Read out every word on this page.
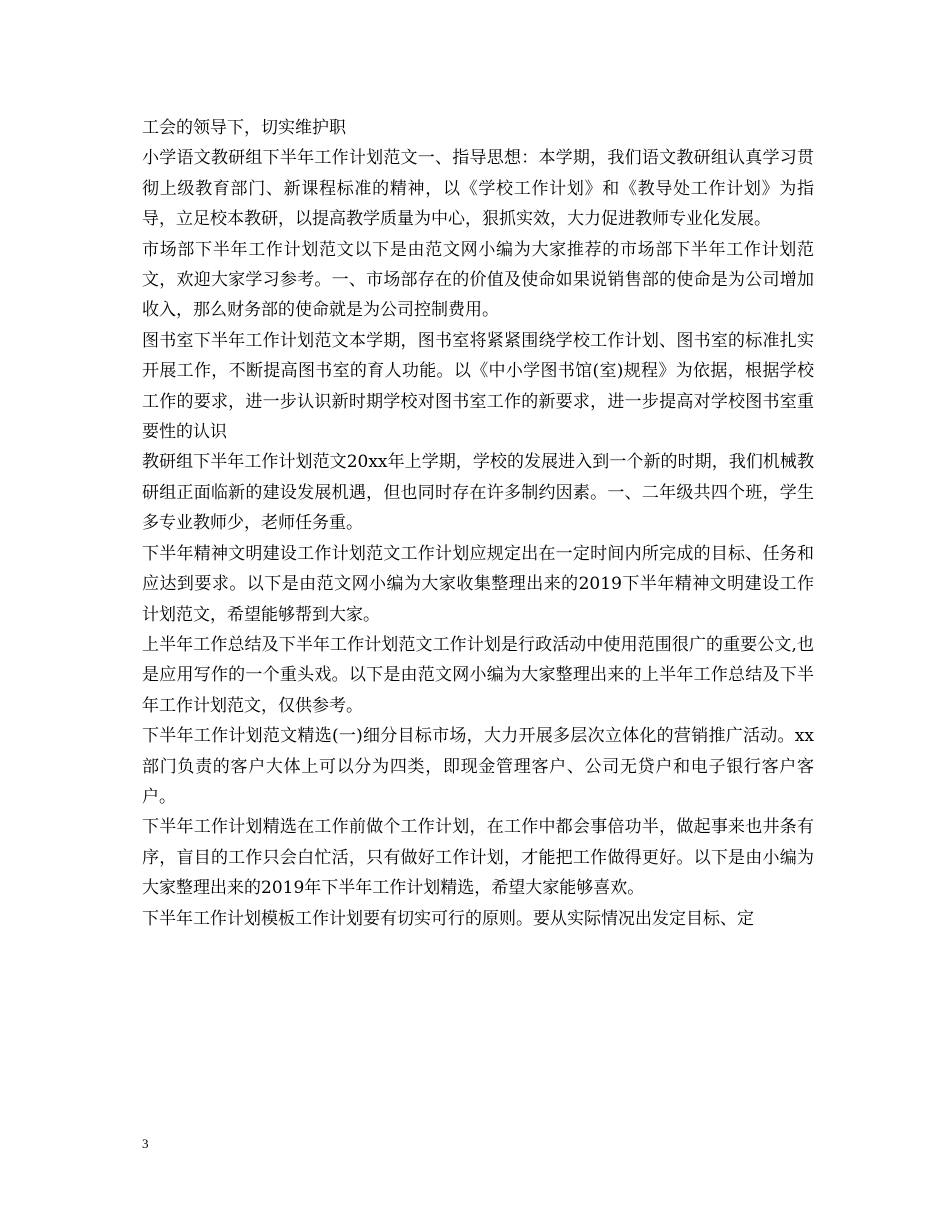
工会的领导下，切实维护职

小学语文教研组下半年工作计划范文一、指导思想：本学期，我们语文教研组认真学习贯彻上级教育部门、新课程标准的精神，以《学校工作计划》和《教导处工作计划》为指导，立足校本教研，以提高教学质量为中心，狠抓实效，大力促进教师专业化发展。

市场部下半年工作计划范文以下是由范文网小编为大家推荐的市场部下半年工作计划范文，欢迎大家学习参考。一、市场部存在的价值及使命如果说销售部的使命是为公司增加收入，那么财务部的使命就是为公司控制费用。

图书室下半年工作计划范文本学期，图书室将紧紧围绕学校工作计划、图书室的标准扎实开展工作，不断提高图书室的育人功能。以《中小学图书馆(室)规程》为依据，根据学校工作的要求，进一步认识新时期学校对图书室工作的新要求，进一步提高对学校图书室重要性的认识

教研组下半年工作计划范文20xx年上学期，学校的发展进入到一个新的时期，我们机械教研组正面临新的建设发展机遇，但也同时存在许多制约因素。一、二年级共四个班，学生多专业教师少，老师任务重。

下半年精神文明建设工作计划范文工作计划应规定出在一定时间内所完成的目标、任务和应达到要求。以下是由范文网小编为大家收集整理出来的2019下半年精神文明建设工作计划范文，希望能够帮到大家。

上半年工作总结及下半年工作计划范文工作计划是行政活动中使用范围很广的重要公文,也是应用写作的一个重头戏。以下是由范文网小编为大家整理出来的上半年工作总结及下半年工作计划范文，仅供参考。

下半年工作计划范文精选(一)细分目标市场，大力开展多层次立体化的营销推广活动。xx部门负责的客户大体上可以分为四类，即现金管理客户、公司无贷户和电子银行客户客户。

下半年工作计划精选在工作前做个工作计划，在工作中都会事倍功半，做起事来也井条有序，盲目的工作只会白忙活，只有做好工作计划，才能把工作做得更好。以下是由小编为大家整理出来的2019年下半年工作计划精选，希望大家能够喜欢。

下半年工作计划模板工作计划要有切实可行的原则。要从实际情况出发定目标、定

3
